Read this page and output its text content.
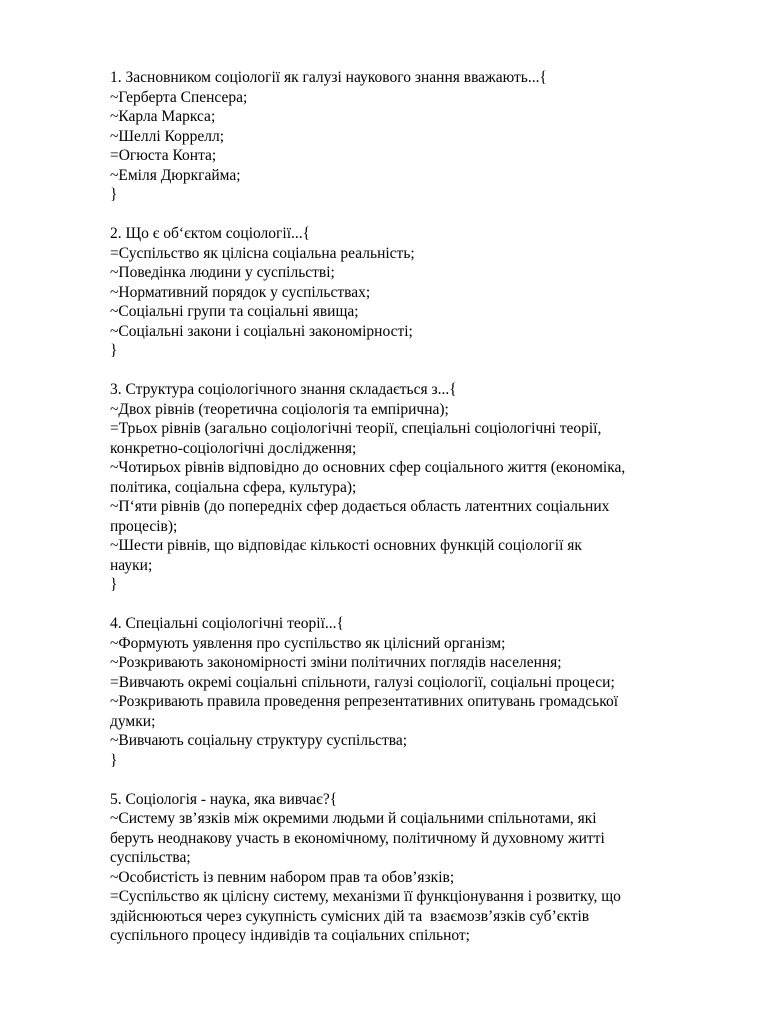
1. Засновником соціології як галузі наукового знання вважають...{
~Герберта Спенсера;
~Карла Маркса;
~Шеллі Коррелл;
=Огюста Конта;
~Еміля Дюркгайма;
}
2. Що є об‘єктом соціології...{
=Суспільство як цілісна соціальна реальність;
~Поведінка людини у суспільстві;
~Нормативний порядок у суспільствах;
~Соціальні групи та соціальні явища;
~Соціальні закони і соціальні закономірності;
}
3. Структура соціологічного знання складається з...{
~Двох рівнів (теоретична соціологія та емпірична);
=Трьох рівнів (загально соціологічні теорії, спеціальні соціологічні теорії,
конкретно-соціологічні дослідження;
~Чотирьох рівнів відповідно до основних сфер соціального життя (економіка,
політика, соціальна сфера, культура);
~П‘яти рівнів (до попередніх сфер додається область латентних соціальних
процесів);
~Шести рівнів, що відповідає кількості основних функцій соціології як
науки;
}
4. Спеціальні соціологічні теорії...{
~Формують уявлення про суспільство як цілісний організм;
~Розкривають закономірності зміни політичних поглядів населення;
=Вивчають окремі соціальні спільноти, галузі соціології, соціальні процеси;
~Розкривають правила проведення репрезентативних опитувань громадської
думки;
~Вивчають соціальну структуру суспільства;
}
5. Соціологія - наука, яка вивчає?{
~Систему зв’язків між окремими людьми й соціальними спільнотами, які
беруть неоднакову участь в економічному, політичному й духовному житті
суспільства;
~Особистість із певним набором прав та обов’язків;
=Суспільство як цілісну систему, механізми її функціонування і розвитку, що
здійснюються через сукупність сумісних дій та  взаємозв’язків суб’єктів
суспільного процесу індивідів та соціальних спільнот;
